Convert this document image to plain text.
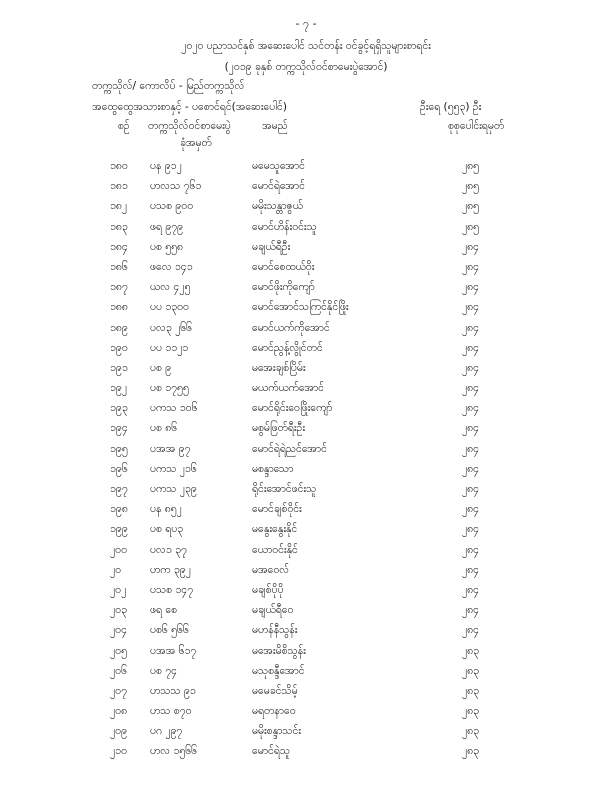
- ၇ -
၂၀၂၀ ပညာသင်နှစ် အဆေးပေါင် သင်တန်း ဝင်ခွင့်ရရှိသူများစာရင်း
(၂၀၁၉ ခုနှစ် တက္ကသိုလ်ဝင်စာမေးပွဲအောင်)
တက္ကသိုလ်/ ကောလိပ် - မြည်တက္ကသိုလ်
အထွေထွေအသားစာနှင့် - ပစောင်ရင်(အဆေးပေါင်)	ဦးရေ (၅၅၃) ဦး
စဉ် တက္ကသိုလ်ဝင်စာမေးပွဲ
ခုံအမှတ်
အမည်	စုစုပေါင်းရမှတ်
၁၈၀ ပန ၉၁၂	မမေသူအောင်	၂၈၅
၁၈၁ ဟလသ ၇၆၁	မောင်ရဲအောင်	၂၈၅
၁၈၂ ပသစ ၉၀၀	မမိုးသန္တာဇွယ်	၂၈၅
၁၈၃ ဖရ ၉၇၉	မောင်ဟိန်းဝင်းသူ	၂၈၅
၁၈၄ ပစ ၅၅၈	မချယ်ရီဦး	၂၈၄
၁၈၆ ဖလေ ၁၄၁	မောင်စေထယ်ဝိုး	၂၈၄
၁၈၇ ယလ ၄၂၅	မောင်ဖိုးကိုကျော်	၂၈၄
၁၈၈ ပပ ၁၃၀၀	မောင်အောင်သကြင်နိုင်ဖြိုး	၂၈၄
၁၈၉ ပလ၃ ၂၆၆	မောင်ယက်ကိုအောင်	၂၈၄
၁၉၀ ပပ ၁၁၂၁	မောင်ညွန့်လွိုင်တင်	၂၈၄
၁၉၁ ပစ ၉	မအေးချစ်ပြိမ်း	၂၈၄
၁၉၂ ပစ ၁၇၅၅	မယက်ယက်အောင်	၂၈၄
၁၉၃ ပကသ ၁၀၆	မောင်ရိုင်းဝေဖြိုးကျော်	၂၈၄
၁၉၄ ပစ ၈၆	မစွမ်ဖြတ်ရီးဦး	၂၈၄
၁၉၅ ပအအ ၉၇	မောင်ရဲရဲညင်အောင်	၂၈၄
၁၉၆ ပကသ ၂၁၆	မစန္ဒာသော	၂၈၄
၁၉၇ ပကသ ၂၃၉	ရိုင်းအောင်ဖင်းသူ	၂၈၄
၁၉၈ ပန ၈၅၂	မောင်ချစ်ဝိုင်း	၂၈၄
၁၉၉ ပစ ရပ၃	မနွေးနွေးနိုင်	၂၈၄
၂၀၀ ပလ၁ ၃၇	ယောဝင်းနိုင်	၂၈၄
၂၀	ဟက ၃၉၂	မအဝေလ်	၂၈၄
၂၀၂ ပသစ ၁၄၇	မချစ်ပိုပို	၂၈၄
၂၀၃ ဖရ စေ	မချယ်ရီဝေ	၂၈၄
၂၀၄ ပစ၆ ၅၆၆	မဟန်နီသွန်း	၂၈၄
၂၀၅ ပအအ ၆၁၇	မအေးမိစိသွန်း	၂၈၃
၂၀၆ ပစ ၇၄	မသုစန္ဒီအောင်	၂၈၃
၂၀၇ ဟသသ ၉၁	မမေခင်သိမ့်	၂၈၃
၂၀၈ ဟသ စ၇၀	မရတနာဝေ	၂၈၃
၂၀၉ ပဂ ၂၉၇	မမိုးစန္ဒာသင်း	၂၈၃
၂၁၀ ဟလ ၁၅၆၆	မောင်ရဲသူ	၂၈၃
